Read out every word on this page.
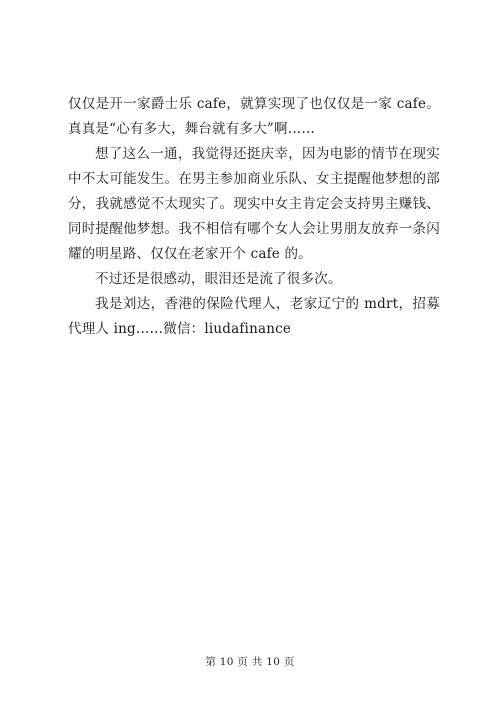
仅仅是开一家爵士乐 cafe，就算实现了也仅仅是一家 cafe。真真是“心有多大，舞台就有多大”啊……

想了这么一通，我觉得还挺庆幸，因为电影的情节在现实中不太可能发生。在男主参加商业乐队、女主提醒他梦想的部分，我就感觉不太现实了。现实中女主肯定会支持男主赚钱、同时提醒他梦想。我不相信有哪个女人会让男朋友放弃一条闪耀的明星路、仅仅在老家开个 cafe 的。

不过还是很感动，眼泪还是流了很多次。

我是刘达，香港的保险代理人，老家辽宁的 mdrt，招募代理人 ing……微信：liudafinance

第 10 页 共 10 页
